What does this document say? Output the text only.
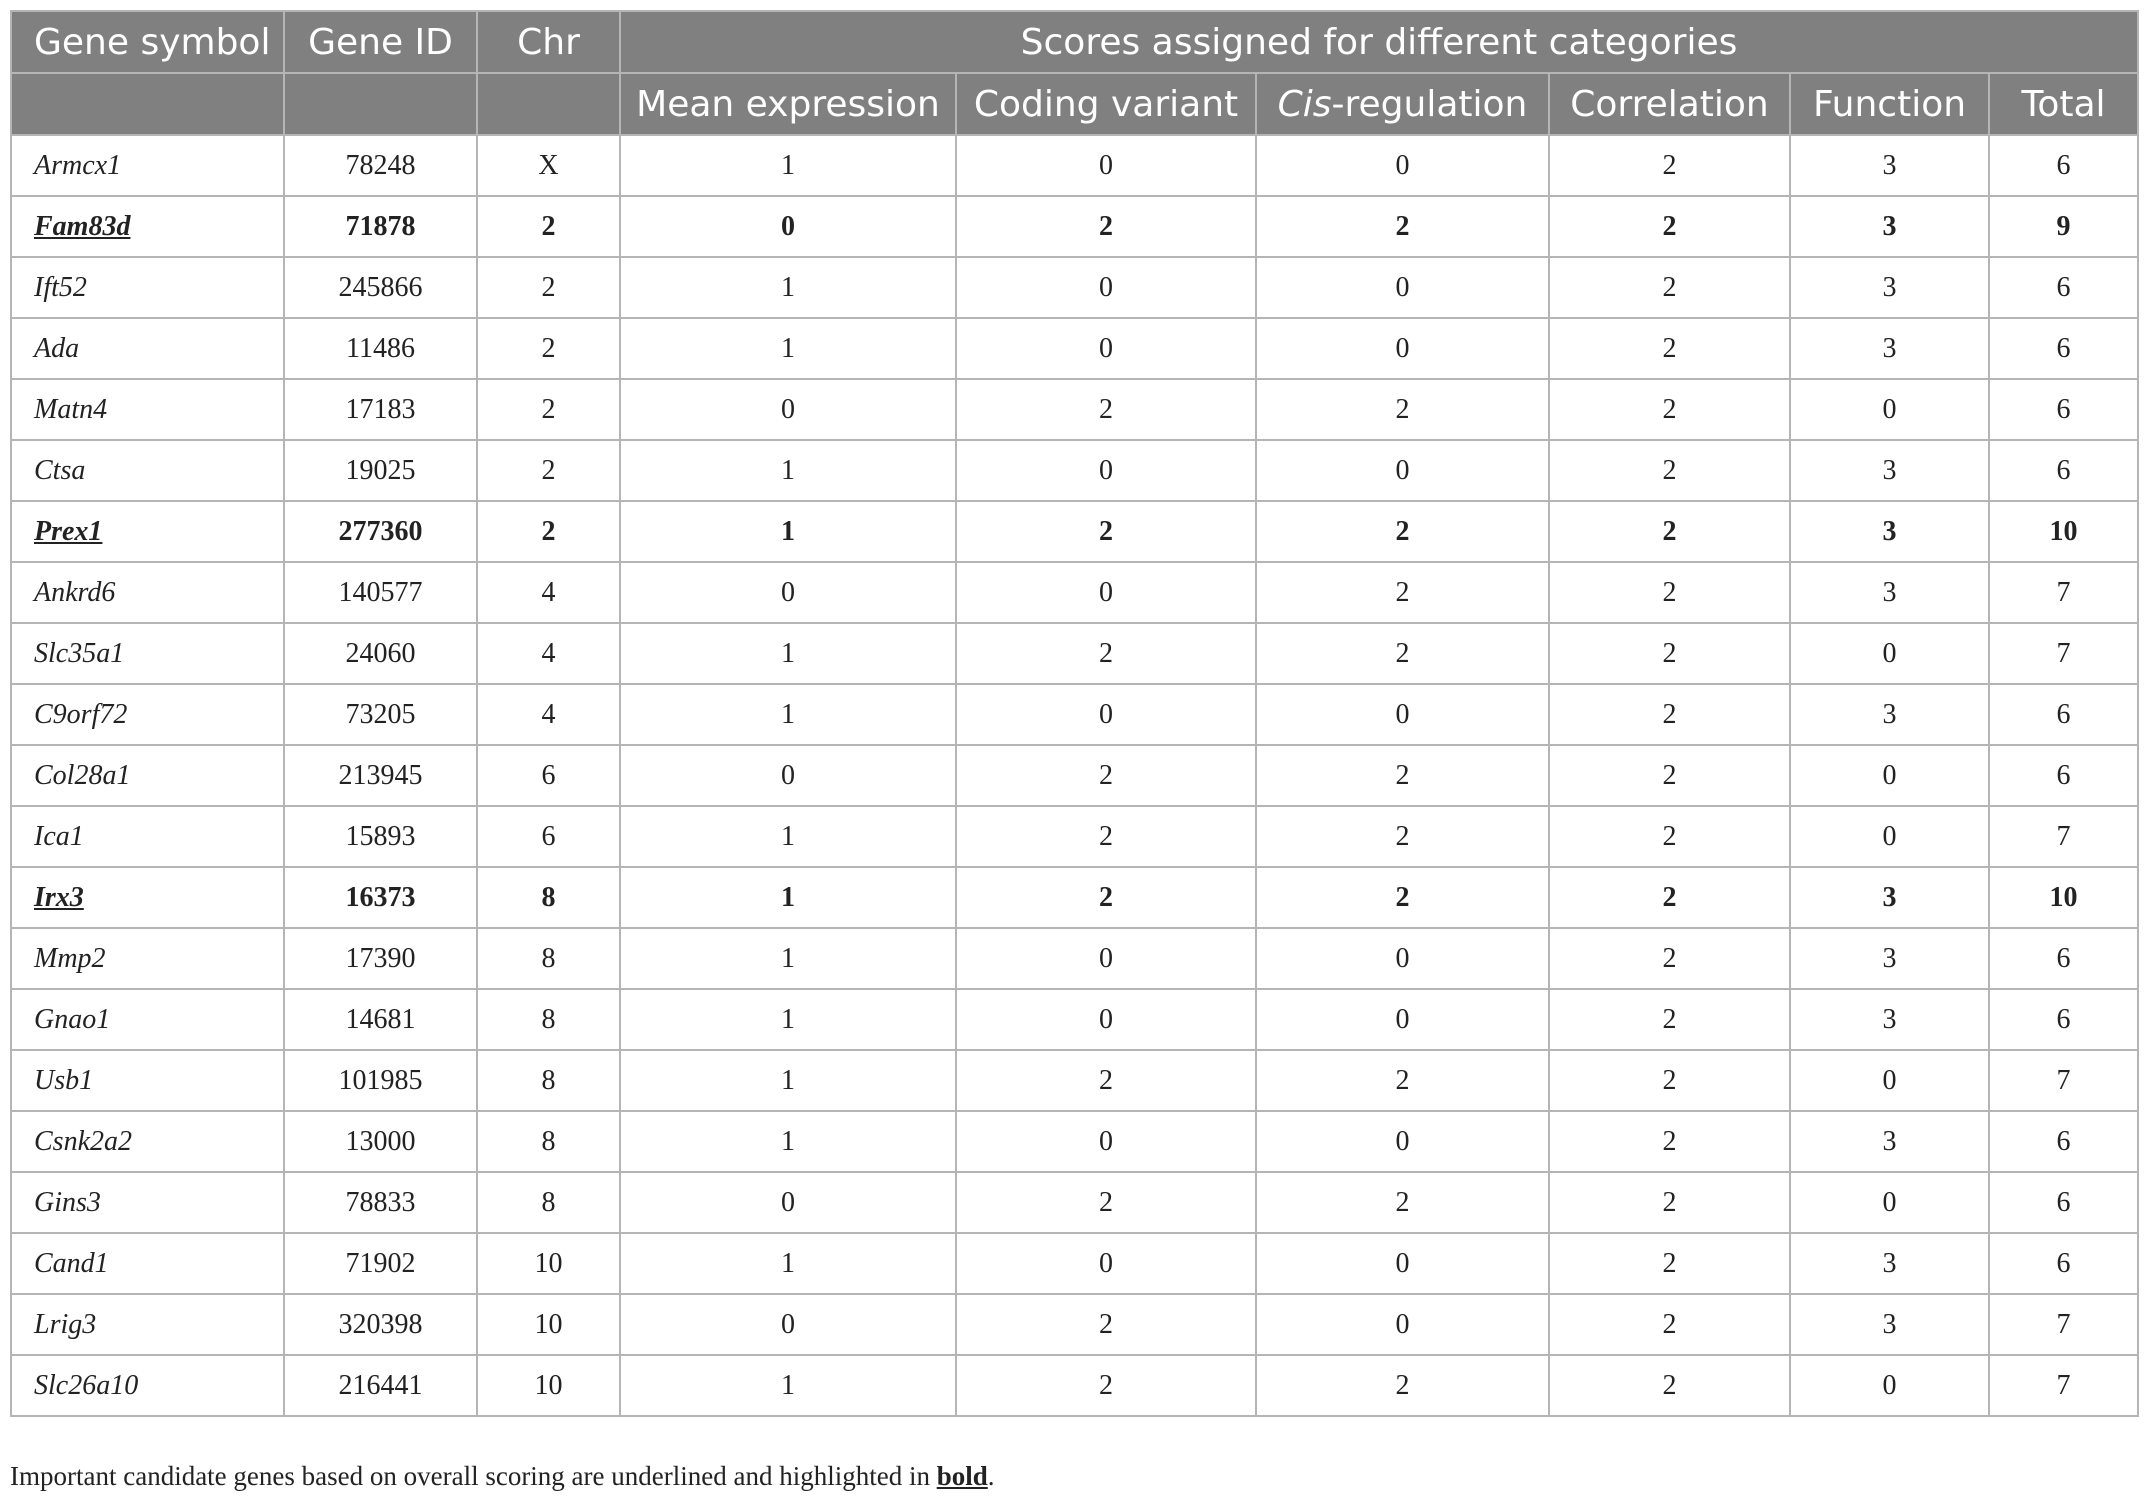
Gene symbol	Gene ID	Chr	Scores assigned for different categories					
			Mean expression	Coding variant	Cis-regulation	Correlation	Function	Total
Armcx1	78248	X	1	0	0	2	3	6
Fam83d	71878	2	0	2	2	2	3	9
Ift52	245866	2	1	0	0	2	3	6
Ada	11486	2	1	0	0	2	3	6
Matn4	17183	2	0	2	2	2	0	6
Ctsa	19025	2	1	0	0	2	3	6
Prex1	277360	2	1	2	2	2	3	10
Ankrd6	140577	4	0	0	2	2	3	7
Slc35a1	24060	4	1	2	2	2	0	7
C9orf72	73205	4	1	0	0	2	3	6
Col28a1	213945	6	0	2	2	2	0	6
Ica1	15893	6	1	2	2	2	0	7
Irx3	16373	8	1	2	2	2	3	10
Mmp2	17390	8	1	0	0	2	3	6
Gnao1	14681	8	1	0	0	2	3	6
Usb1	101985	8	1	2	2	2	0	7
Csnk2a2	13000	8	1	0	0	2	3	6
Gins3	78833	8	0	2	2	2	0	6
Cand1	71902	10	1	0	0	2	3	6
Lrig3	320398	10	0	2	0	2	3	7
Slc26a10	216441	10	1	2	2	2	0	7
Important candidate genes based on overall scoring are underlined and highlighted in bold.
